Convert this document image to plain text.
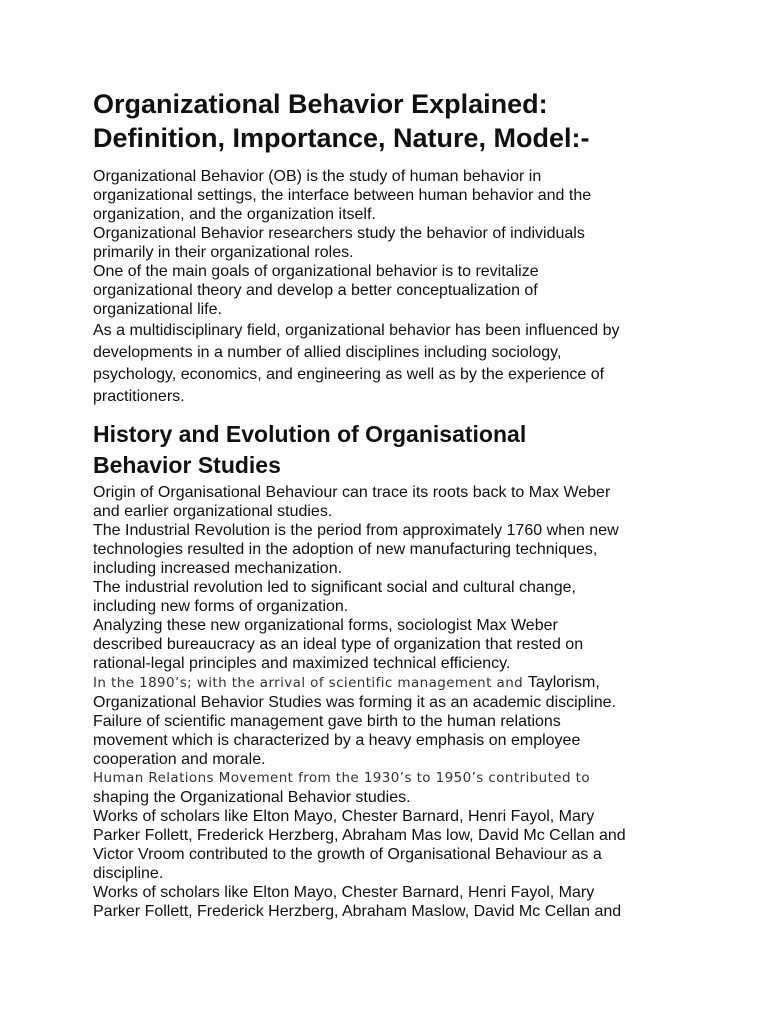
Organizational Behavior Explained:
Definition, Importance, Nature, Model:-

Organizational Behavior (OB) is the study of human behavior in
organizational settings, the interface between human behavior and the
organization, and the organization itself.
Organizational Behavior researchers study the behavior of individuals
primarily in their organizational roles.
One of the main goals of organizational behavior is to revitalize
organizational theory and develop a better conceptualization of
organizational life.

As a multidisciplinary field, organizational behavior has been influenced by
developments in a number of allied disciplines including sociology,
psychology, economics, and engineering as well as by the experience of
practitioners.

History and Evolution of Organisational
Behavior Studies

Origin of Organisational Behaviour can trace its roots back to Max Weber
and earlier organizational studies.
The Industrial Revolution is the period from approximately 1760 when new
technologies resulted in the adoption of new manufacturing techniques,
including increased mechanization.
The industrial revolution led to significant social and cultural change,
including new forms of organization.
Analyzing these new organizational forms, sociologist Max Weber
described bureaucracy as an ideal type of organization that rested on
rational-legal principles and maximized technical efficiency.
In the 1890’s; with the arrival of scientific management and Taylorism,
Organizational Behavior Studies was forming it as an academic discipline.
Failure of scientific management gave birth to the human relations
movement which is characterized by a heavy emphasis on employee
cooperation and morale.
Human Relations Movement from the 1930’s to 1950’s contributed to
shaping the Organizational Behavior studies.
Works of scholars like Elton Mayo, Chester Barnard, Henri Fayol, Mary
Parker Follett, Frederick Herzberg, Abraham Mas low, David Mc Cellan and
Victor Vroom contributed to the growth of Organisational Behaviour as a
discipline.
Works of scholars like Elton Mayo, Chester Barnard, Henri Fayol, Mary
Parker Follett, Frederick Herzberg, Abraham Maslow, David Mc Cellan and
